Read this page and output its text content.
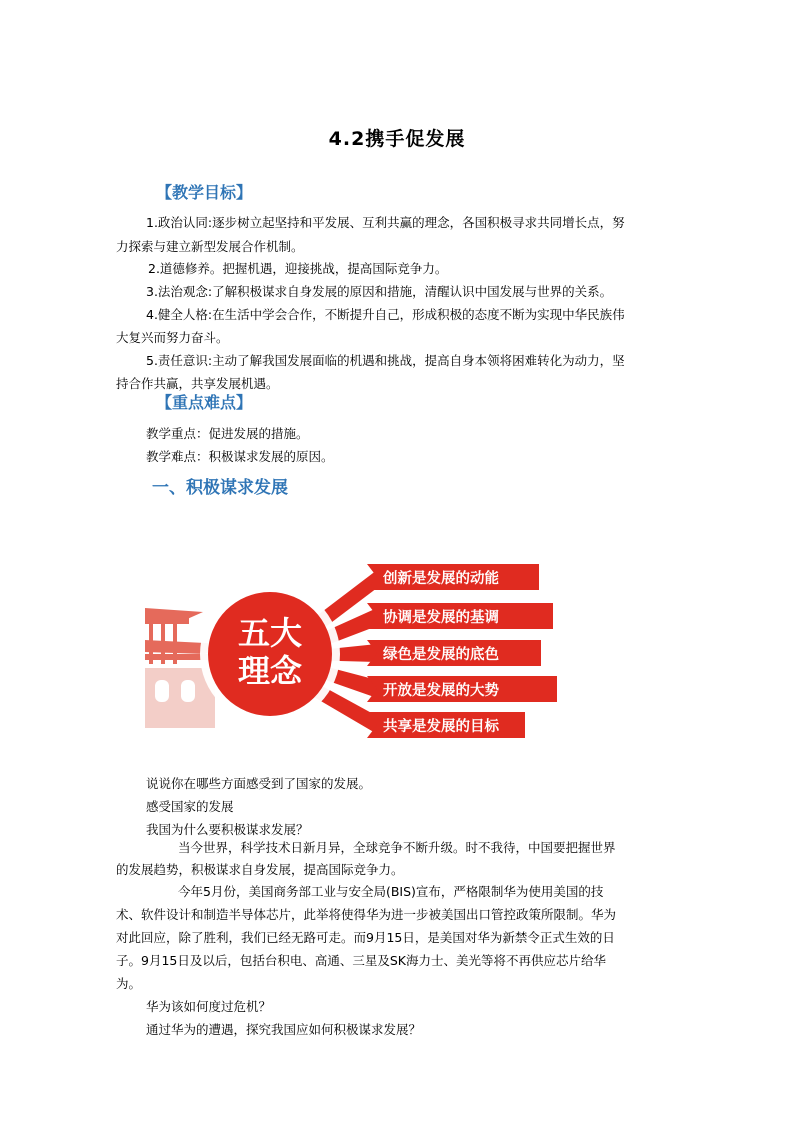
4.2携手促发展
【教学目标】

1.政治认同:逐步树立起坚持和平发展、互利共赢的理念，各国积极寻求共同增长点，努

力探索与建立新型发展合作机制。

2.道德修养。把握机遇，迎接挑战，提高国际竞争力。

3.法治观念:了解积极谋求自身发展的原因和措施，清醒认识中国发展与世界的关系。

4.健全人格:在生活中学会合作，不断提升自己，形成积极的态度不断为实现中华民族伟

大复兴而努力奋斗。

5.责任意识:主动了解我国发展面临的机遇和挑战，提高自身本领将困难转化为动力，坚

持合作共赢，共享发展机遇。

【重点难点】

教学重点：促进发展的措施。

教学难点：积极谋求发展的原因。

一、积极谋求发展
五大
理念
创新是发展的动能
协调是发展的基调
绿色是发展的底色
开放是发展的大势
共享是发展的目标

说说你在哪些方面感受到了国家的发展。

感受国家的发展

我国为什么要积极谋求发展？

当今世界，科学技术日新月异，全球竞争不断升级。时不我待，中国要把握世界

的发展趋势，积极谋求自身发展，提高国际竞争力。

今年5月份，美国商务部工业与安全局(BIS)宣布，严格限制华为使用美国的技

术、软件设计和制造半导体芯片，此举将使得华为进一步被美国出口管控政策所限制。华为

对此回应，除了胜利，我们已经无路可走。而9月15日，是美国对华为新禁令正式生效的日

子。9月15日及以后，包括台积电、高通、三星及SK海力士、美光等将不再供应芯片给华

为。

华为该如何度过危机？

通过华为的遭遇，探究我国应如何积极谋求发展？
